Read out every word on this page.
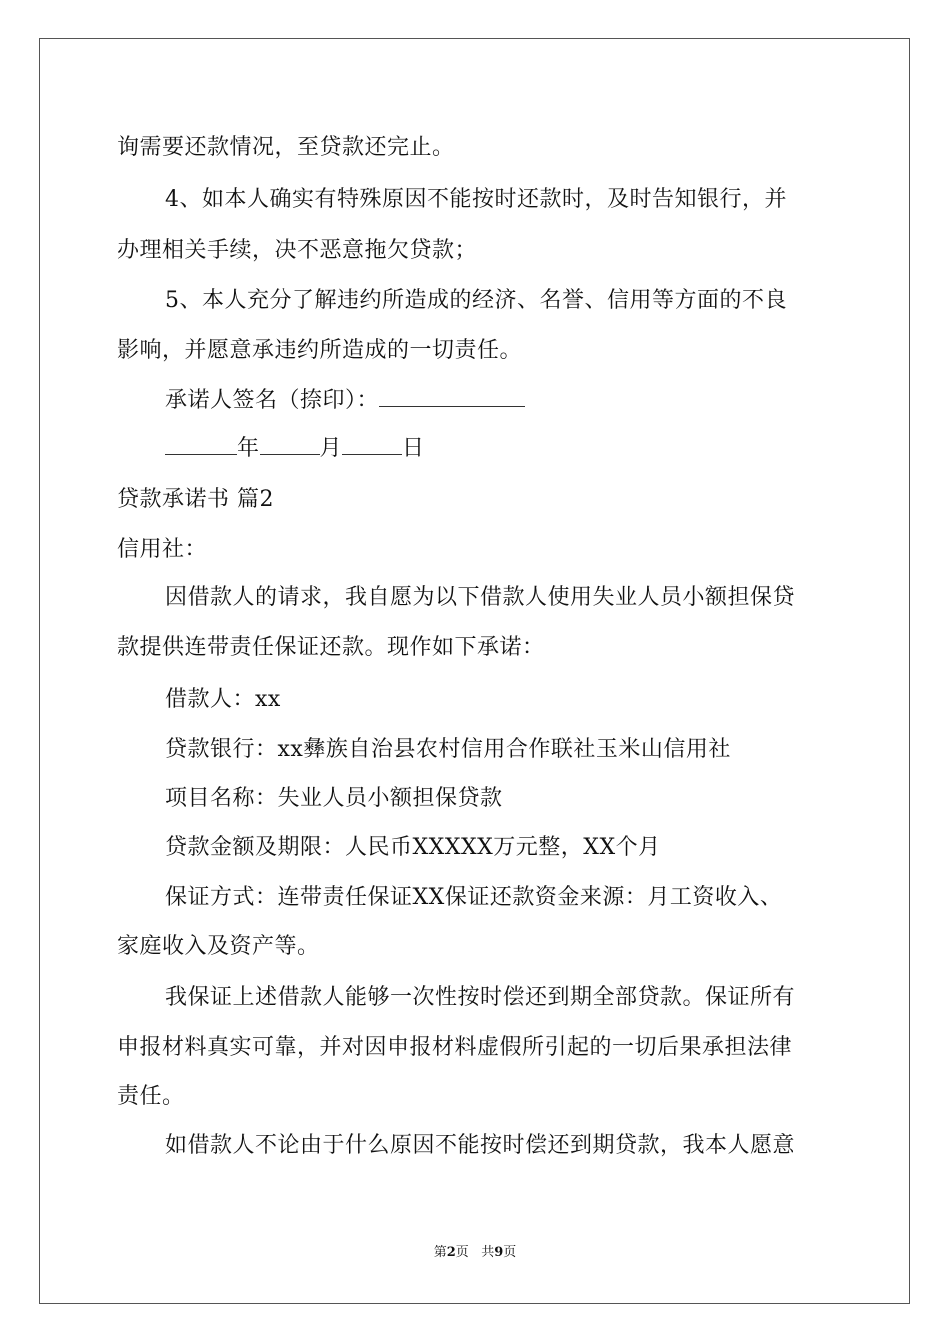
询需要还款情况，至贷款还完止。
4、如本人确实有特殊原因不能按时还款时，及时告知银行，并
办理相关手续，决不恶意拖欠贷款；
5、本人充分了解违约所造成的经济、名誉、信用等方面的不良
影响，并愿意承违约所造成的一切责任。
承诺人签名（捺印）：
年	月	日
贷款承诺书 篇2
信用社：
因借款人的请求，我自愿为以下借款人使用失业人员小额担保贷
款提供连带责任保证还款。现作如下承诺：
借款人：xx
贷款银行：xx彝族自治县农村信用合作联社玉米山信用社
项目名称：失业人员小额担保贷款
贷款金额及期限：人民币XXXXX万元整，XX个月
保证方式：连带责任保证XX保证还款资金来源：月工资收入、
家庭收入及资产等。
我保证上述借款人能够一次性按时偿还到期全部贷款。保证所有
申报材料真实可靠，并对因申报材料虚假所引起的一切后果承担法律
责任。
如借款人不论由于什么原因不能按时偿还到期贷款，我本人愿意
第2页   共9页
